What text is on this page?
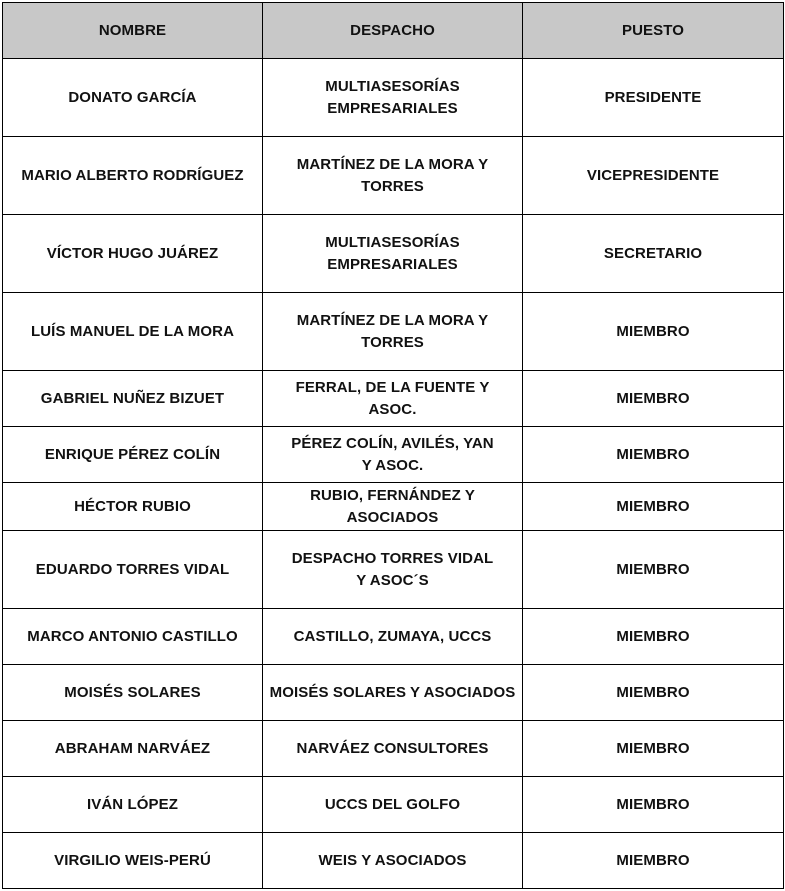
NOMBRE	DESPACHO	PUESTO
DONATO GARCÍA	MULTIASESORÍAS EMPRESARIALES	PRESIDENTE
MARIO ALBERTO RODRÍGUEZ	MARTÍNEZ DE LA MORA Y TORRES	VICEPRESIDENTE
VÍCTOR HUGO JUÁREZ	MULTIASESORÍAS EMPRESARIALES	SECRETARIO
LUÍS MANUEL DE LA MORA	MARTÍNEZ DE LA MORA Y TORRES	MIEMBRO
GABRIEL NUÑEZ BIZUET	FERRAL, DE LA FUENTE Y ASOC.	MIEMBRO
ENRIQUE PÉREZ COLÍN	PÉREZ COLÍN, AVILÉS, YAN Y ASOC.	MIEMBRO
HÉCTOR RUBIO	RUBIO, FERNÁNDEZ Y ASOCIADOS	MIEMBRO
EDUARDO TORRES VIDAL	DESPACHO TORRES VIDAL Y ASOC´S	MIEMBRO
MARCO ANTONIO CASTILLO	CASTILLO, ZUMAYA, UCCS	MIEMBRO
MOISÉS SOLARES	MOISÉS SOLARES Y ASOCIADOS	MIEMBRO
ABRAHAM NARVÁEZ	NARVÁEZ CONSULTORES	MIEMBRO
IVÁN LÓPEZ	UCCS DEL GOLFO	MIEMBRO
VIRGILIO WEIS-PERÚ	WEIS Y ASOCIADOS	MIEMBRO
